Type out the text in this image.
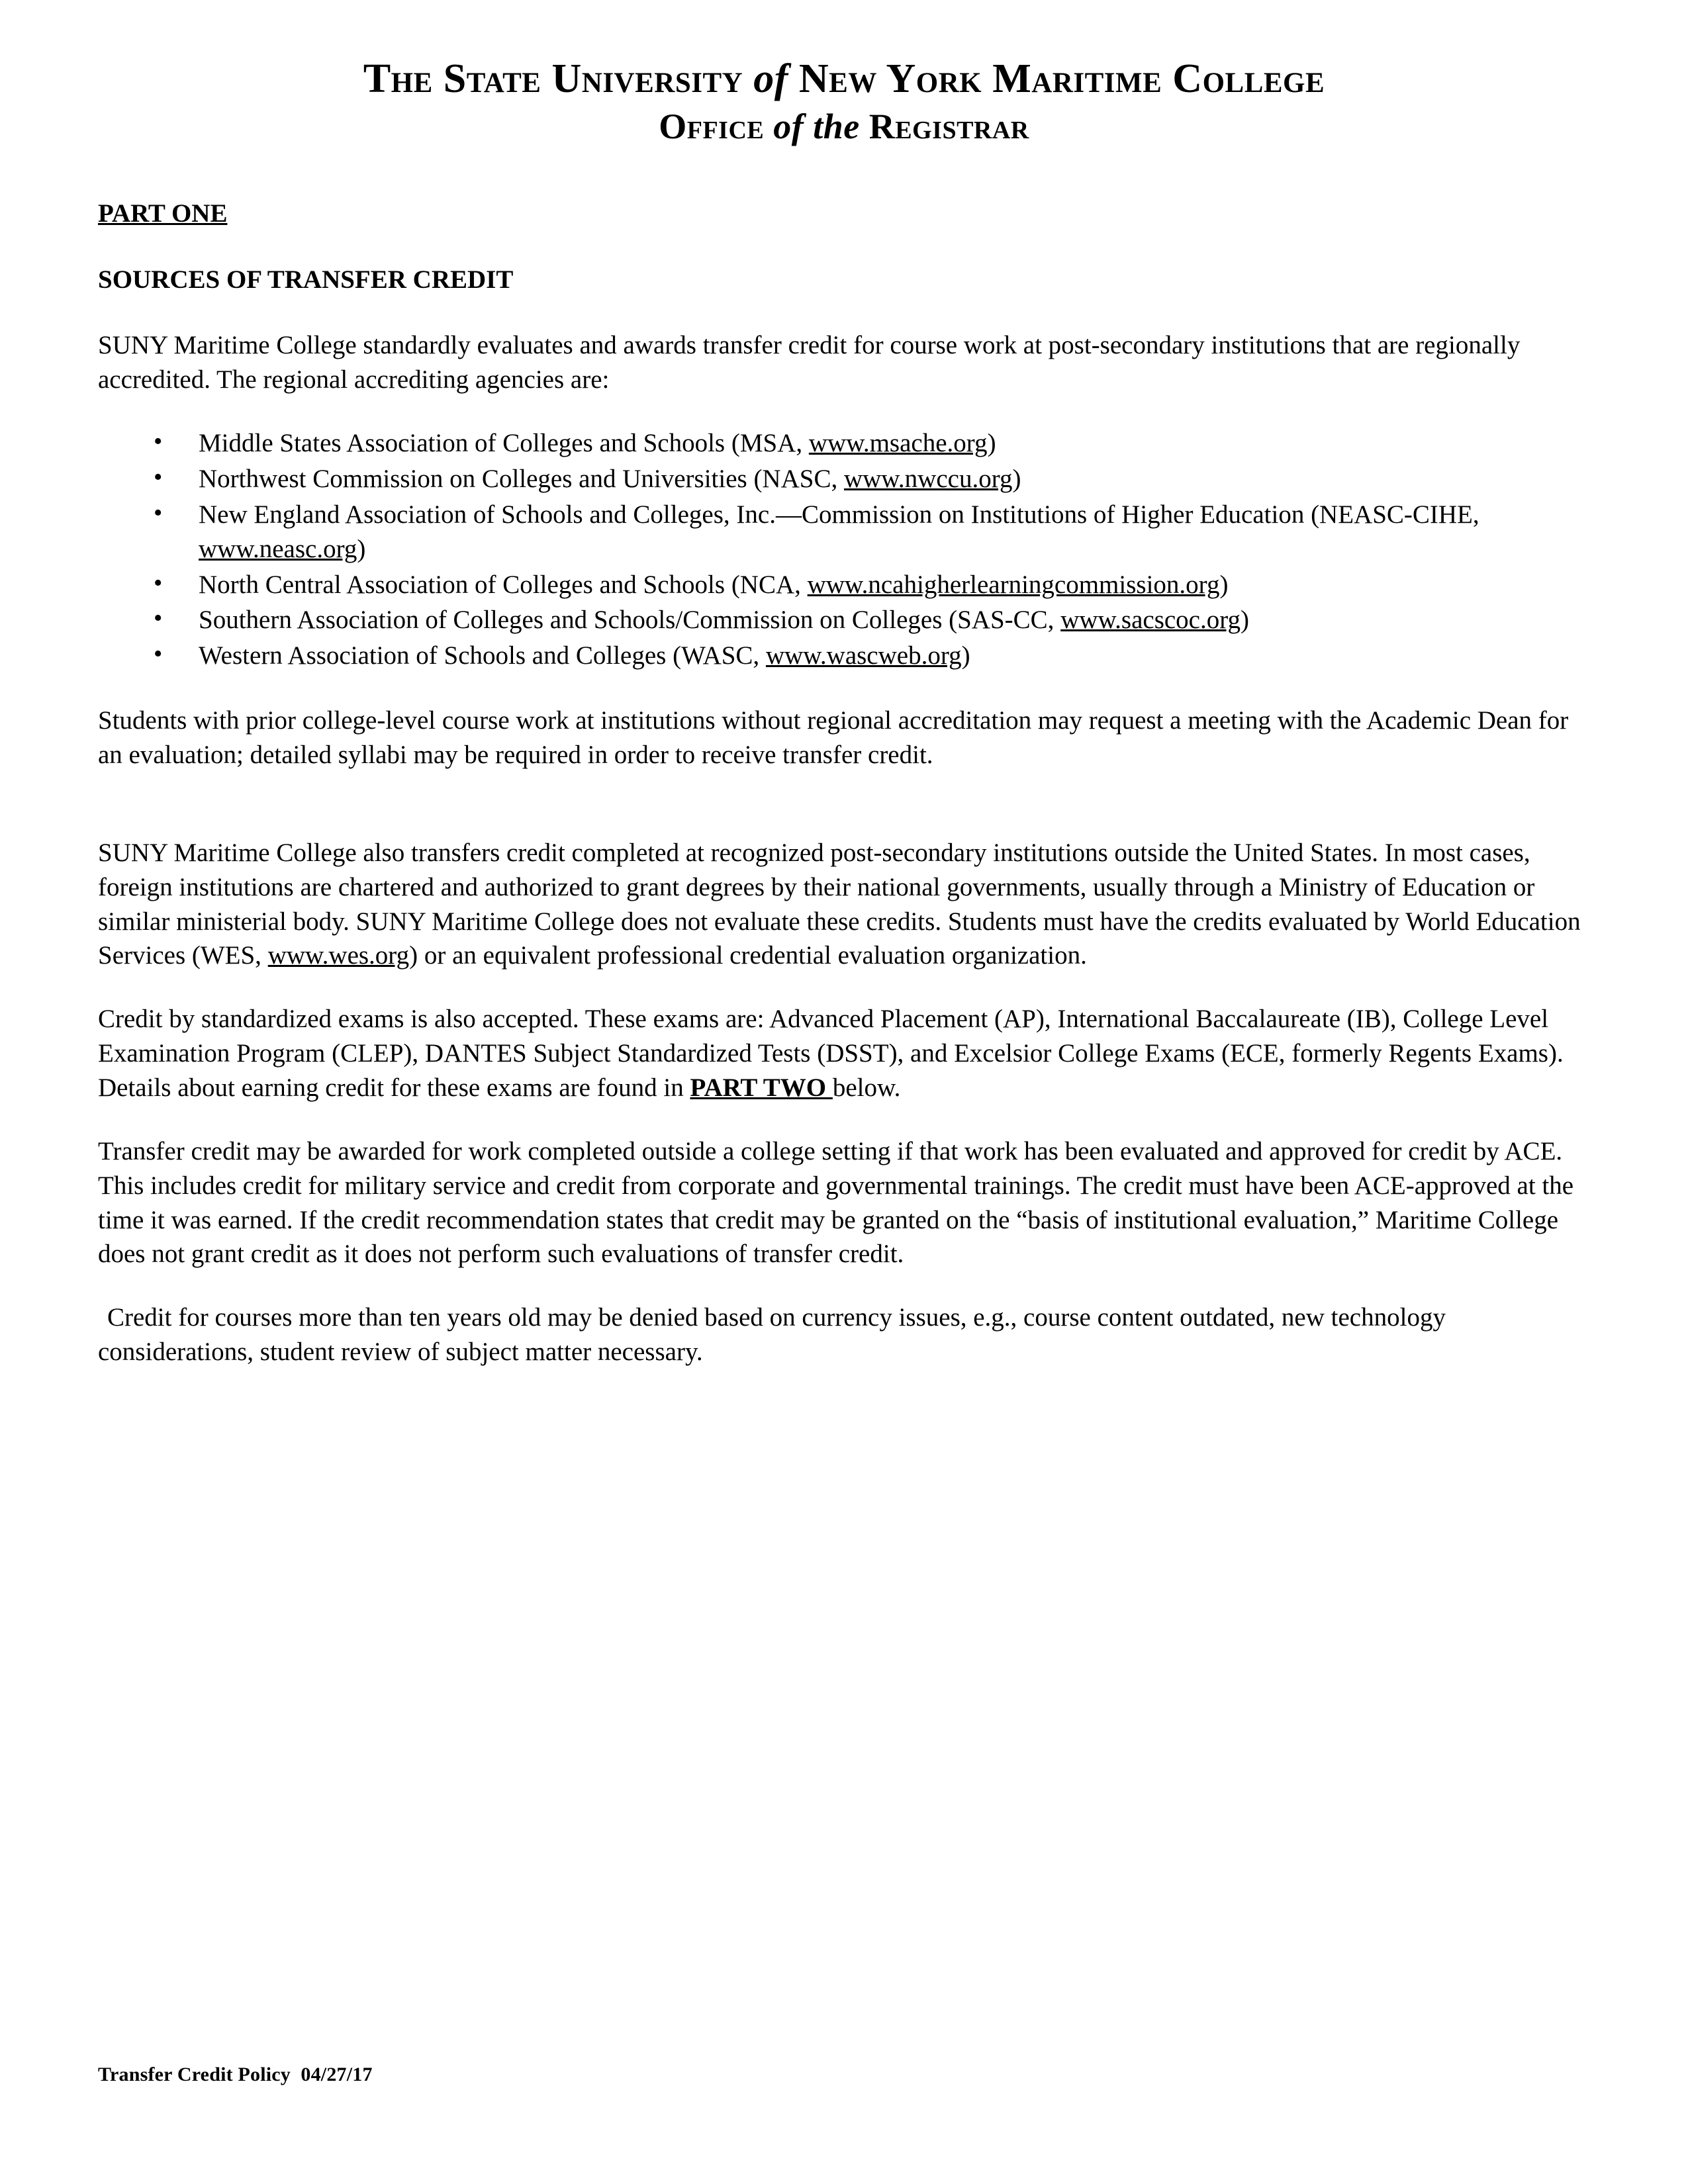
The State University of New York Maritime College
Office of the Registrar
PART ONE
SOURCES OF TRANSFER CREDIT

SUNY Maritime College standardly evaluates and awards transfer credit for course work at post-secondary institutions that are regionally accredited. The regional accrediting agencies are:

• Middle States Association of Colleges and Schools (MSA, www.msache.org)
• Northwest Commission on Colleges and Universities (NASC, www.nwccu.org)
• New England Association of Schools and Colleges, Inc.—Commission on Institutions of Higher Education (NEASC-CIHE, www.neasc.org)
• North Central Association of Colleges and Schools (NCA, www.ncahigherlearningcommission.org)
• Southern Association of Colleges and Schools/Commission on Colleges (SAS-CC, www.sacscoc.org)
• Western Association of Schools and Colleges (WASC, www.wascweb.org)

Students with prior college-level course work at institutions without regional accreditation may request a meeting with the Academic Dean for an evaluation; detailed syllabi may be required in order to receive transfer credit.

SUNY Maritime College also transfers credit completed at recognized post-secondary institutions outside the United States. In most cases, foreign institutions are chartered and authorized to grant degrees by their national governments, usually through a Ministry of Education or similar ministerial body. SUNY Maritime College does not evaluate these credits. Students must have the credits evaluated by World Education Services (WES, www.wes.org) or an equivalent professional credential evaluation organization.

Credit by standardized exams is also accepted. These exams are: Advanced Placement (AP), International Baccalaureate (IB), College Level Examination Program (CLEP), DANTES Subject Standardized Tests (DSST), and Excelsior College Exams (ECE, formerly Regents Exams). Details about earning credit for these exams are found in PART TWO below.

Transfer credit may be awarded for work completed outside a college setting if that work has been evaluated and approved for credit by ACE. This includes credit for military service and credit from corporate and governmental trainings. The credit must have been ACE-approved at the time it was earned. If the credit recommendation states that credit may be granted on the “basis of institutional evaluation,” Maritime College does not grant credit as it does not perform such evaluations of transfer credit.

Credit for courses more than ten years old may be denied based on currency issues, e.g., course content outdated, new technology considerations, student review of subject matter necessary.

Transfer Credit Policy  04/27/17
